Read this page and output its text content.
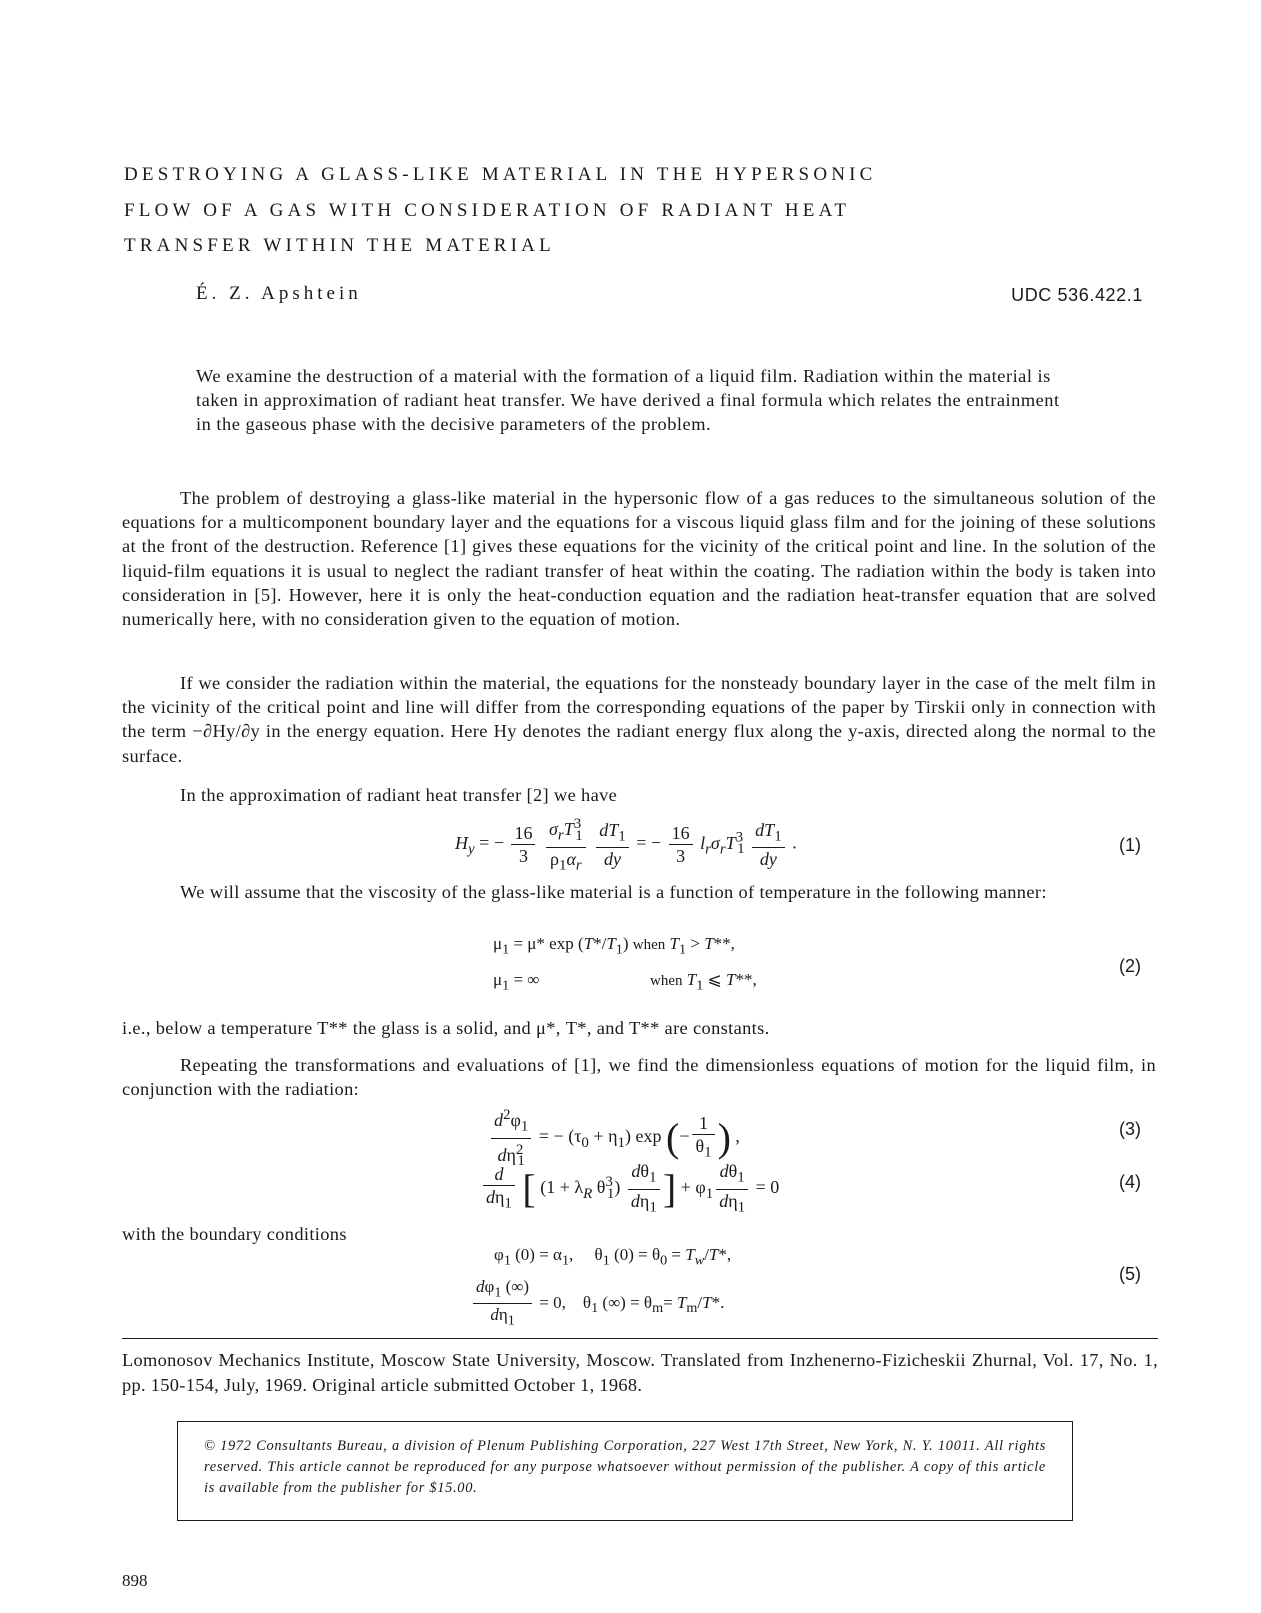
DESTROYING A GLASS-LIKE MATERIAL IN THE HYPERSONIC
FLOW OF A GAS WITH CONSIDERATION OF RADIANT HEAT
TRANSFER WITHIN THE MATERIAL
É. Z. Apshtein	UDC 536.422.1
We examine the destruction of a material with the formation of a liquid film. Radiation within the material is taken in approximation of radiant heat transfer. We have derived a final formula which relates the entrainment in the gaseous phase with the decisive parameters of the problem.
The problem of destroying a glass-like material in the hypersonic flow of a gas reduces to the simultaneous solution of the equations for a multicomponent boundary layer and the equations for a viscous liquid glass film and for the joining of these solutions at the front of the destruction. Reference [1] gives these equations for the vicinity of the critical point and line. In the solution of the liquid-film equations it is usual to neglect the radiant transfer of heat within the coating. The radiation within the body is taken into consideration in [5]. However, here it is only the heat-conduction equation and the radiation heat-transfer equation that are solved numerically here, with no consideration given to the equation of motion.
If we consider the radiation within the material, the equations for the nonsteady boundary layer in the case of the melt film in the vicinity of the critical point and line will differ from the corresponding equations of the paper by Tirskii only in connection with the term −∂Hy/∂y in the energy equation. Here Hy denotes the radiant energy flux along the y-axis, directed along the normal to the surface.
In the approximation of radiant heat transfer [2] we have
$H_y$ = − $\frac{16}{3}$
$\frac{\sigma_rT^3_1}{\rho_1\alpha_r}$
$\frac{dT_1}{dy}$ = − $\frac{16}{3} l_r\sigma_rT^3_1 \frac{dT_1}{dy}$ .	(1)
We will assume that the viscosity of the glass-like material is a function of temperature in the following manner:
$\mu_1 = \mu*$ $\exp (T*/T_1)$ when $T_1 > T**$,
$\mu_1$ = ∞	when $T_1$ ⩽ T**,
(2)
i.e., below a temperature T** the glass is a solid, and μ*, T*, and T** are constants.
Repeating the transformations and evaluations of [1], we find the dimensionless equations of motion for the liquid film, in conjunction with the radiation:
$\frac{d^2\varphi_1}{d\eta^2_1}$ = − $(\tau_0 + \eta_1)$ exp (− $\frac{1}{\theta_1}$ ) ,	(3)
$\frac{d}{d\eta_1}$ [ ($1 + \lambda_R$ $\theta^3_1) \frac{d\theta_1}{d\eta_1}$ ] + $\varphi_1 \frac{d\theta_1}{d\eta_1} = 0$	(4)
with the boundary conditions
$\varphi_1$ $(0) = \alpha_1$,     $\theta_1$ $(0) = \theta_0 = T_w/T*$,
$\frac{d\varphi_1 (\infty)}{d\eta_1} = 0$,    $\theta_1$ (∞) = $\theta_m= T_m/T*$.
(5)
Lomonosov Mechanics Institute, Moscow State University, Moscow. Translated from Inzhenerno-Fizicheskii Zhurnal, Vol. 17, No. 1, pp. 150-154, July, 1969. Original article submitted October 1, 1968.

© 1972 Consultants Bureau, a division of Plenum Publishing Corporation, 227 West 17th Street, New York, N. Y. 10011. All rights reserved. This article cannot be reproduced for any purpose whatsoever without permission of the publisher. A copy of this article is available from the publisher for $15.00.

898
